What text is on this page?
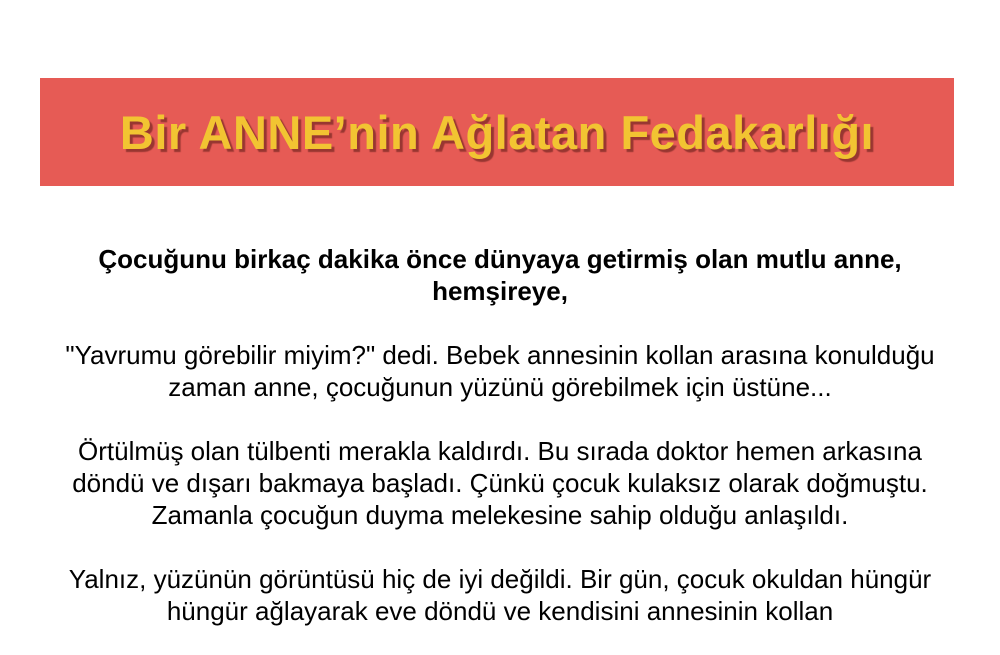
Bir ANNE’nin Ağlatan Fedakarlığı

Çocuğunu birkaç dakika önce dünyaya getirmiş olan mutlu anne, hemşireye,

"Yavrumu görebilir miyim?" dedi. Bebek annesinin kollan arasına konulduğu zaman anne, çocuğunun yüzünü görebilmek için üstüne...

Örtülmüş olan tülbenti merakla kaldırdı. Bu sırada doktor hemen arkasına döndü ve dışarı bakmaya başladı. Çünkü çocuk kulaksız olarak doğmuştu. Zamanla çocuğun duyma melekesine sahip olduğu anlaşıldı.

Yalnız, yüzünün görüntüsü hiç de iyi değildi. Bir gün, çocuk okuldan hüngür hüngür ağlayarak eve döndü ve kendisini annesinin kollan
